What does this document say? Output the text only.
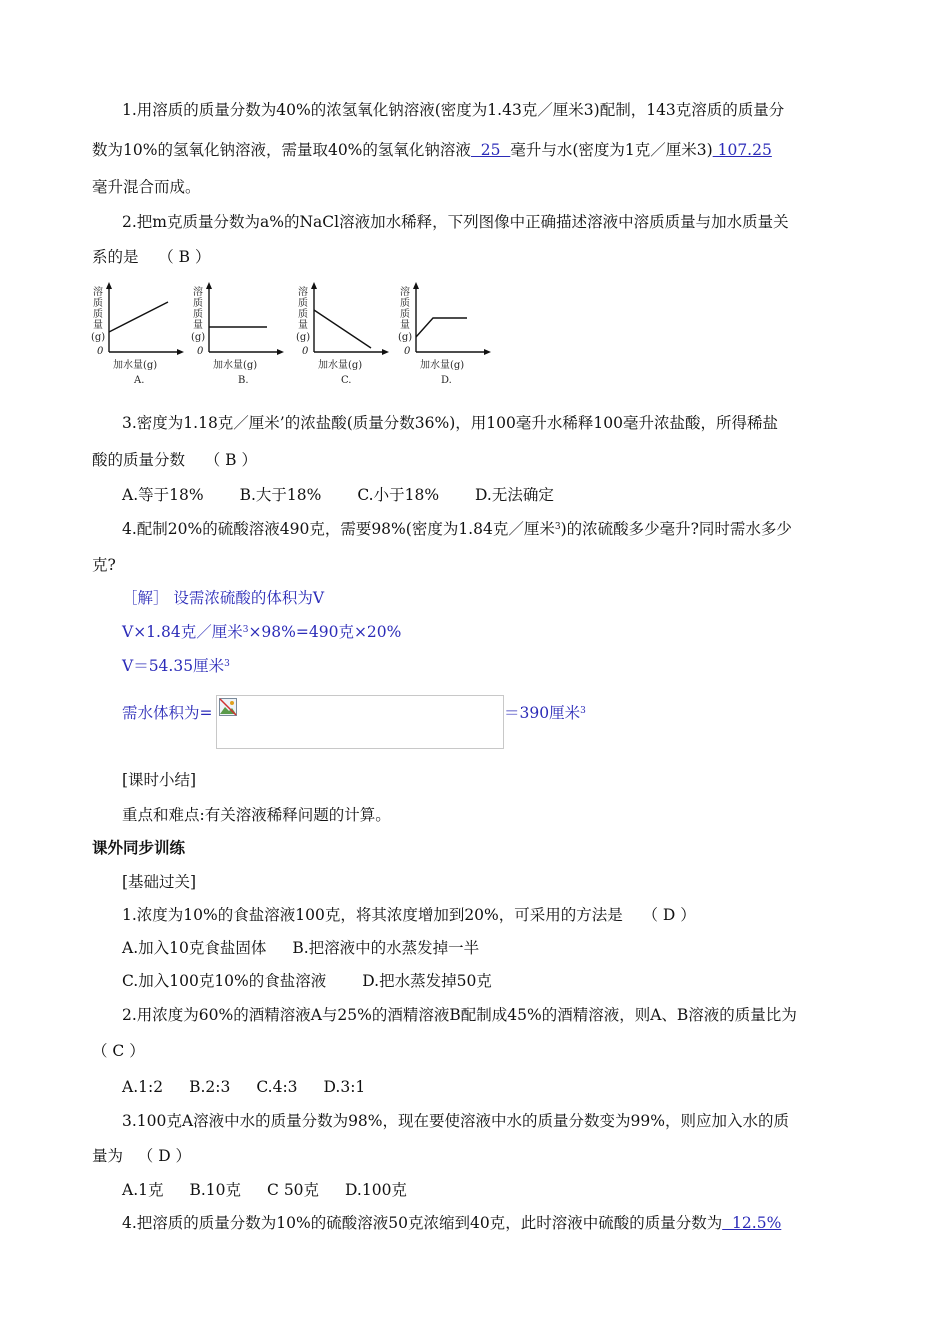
1.用溶质的质量分数为40%的浓氢氧化钠溶液(密度为1.43克／厘米3)配制，143克溶质的质量分
数为10%的氢氧化钠溶液，需量取40%的氢氧化钠溶液  25  毫升与水(密度为1克／厘米3) 107.25
毫升混合而成。
2.把m克质量分数为a%的NaCl溶液加水稀释，下列图像中正确描述溶液中溶质质量与加水质量关
系的是    （ B ）
溶
质
质
量
(g)
0
加水量(g)
A.
溶
质
质
量
(g)
0
加水量(g)
B.
溶
质
质
量
(g)
0
加水量(g)
C.
溶
质
质
量
(g)
0
加水量(g)
D.
3.密度为1.18克／厘米’的浓盐酸(质量分数36%)，用100毫升水稀释100毫升浓盐酸，所得稀盐
酸的质量分数    （ B ）
A.等于18% B.大于18% C.小于18% D.无法确定
4.配制20%的硫酸溶液490克，需要98%(密度为1.84克／厘米$^3$)的浓硫酸多少毫升?同时需水多少
克?
［解］ 设需浓硫酸的体积为V
V×1.84克／厘米$^3$×98%=490克×20%
V＝54.35厘米$^3$
需水体积为=	＝390厘米$^3$
[课时小结]
重点和难点:有关溶液稀释问题的计算。
课外同步训练
[基础过关]
1.浓度为10%的食盐溶液100克，将其浓度增加到20%，可采用的方法是    （ D ）
A.加入10克食盐固体 B.把溶液中的水蒸发掉一半
C.加入100克10%的食盐溶液 D.把水蒸发掉50克
2.用浓度为60%的酒精溶液A与25%的酒精溶液B配制成45%的酒精溶液，则A、B溶液的质量比为
（ C ）
A.1:2 B.2:3 C.4:3 D.3:1
3.100克A溶液中水的质量分数为98%，现在要使溶液中水的质量分数变为99%，则应加入水的质
量为   （ D ）
A.1克 B.10克 C 50克 D.100克
4.把溶质的质量分数为10%的硫酸溶液50克浓缩到40克，此时溶液中硫酸的质量分数为  12.5%
